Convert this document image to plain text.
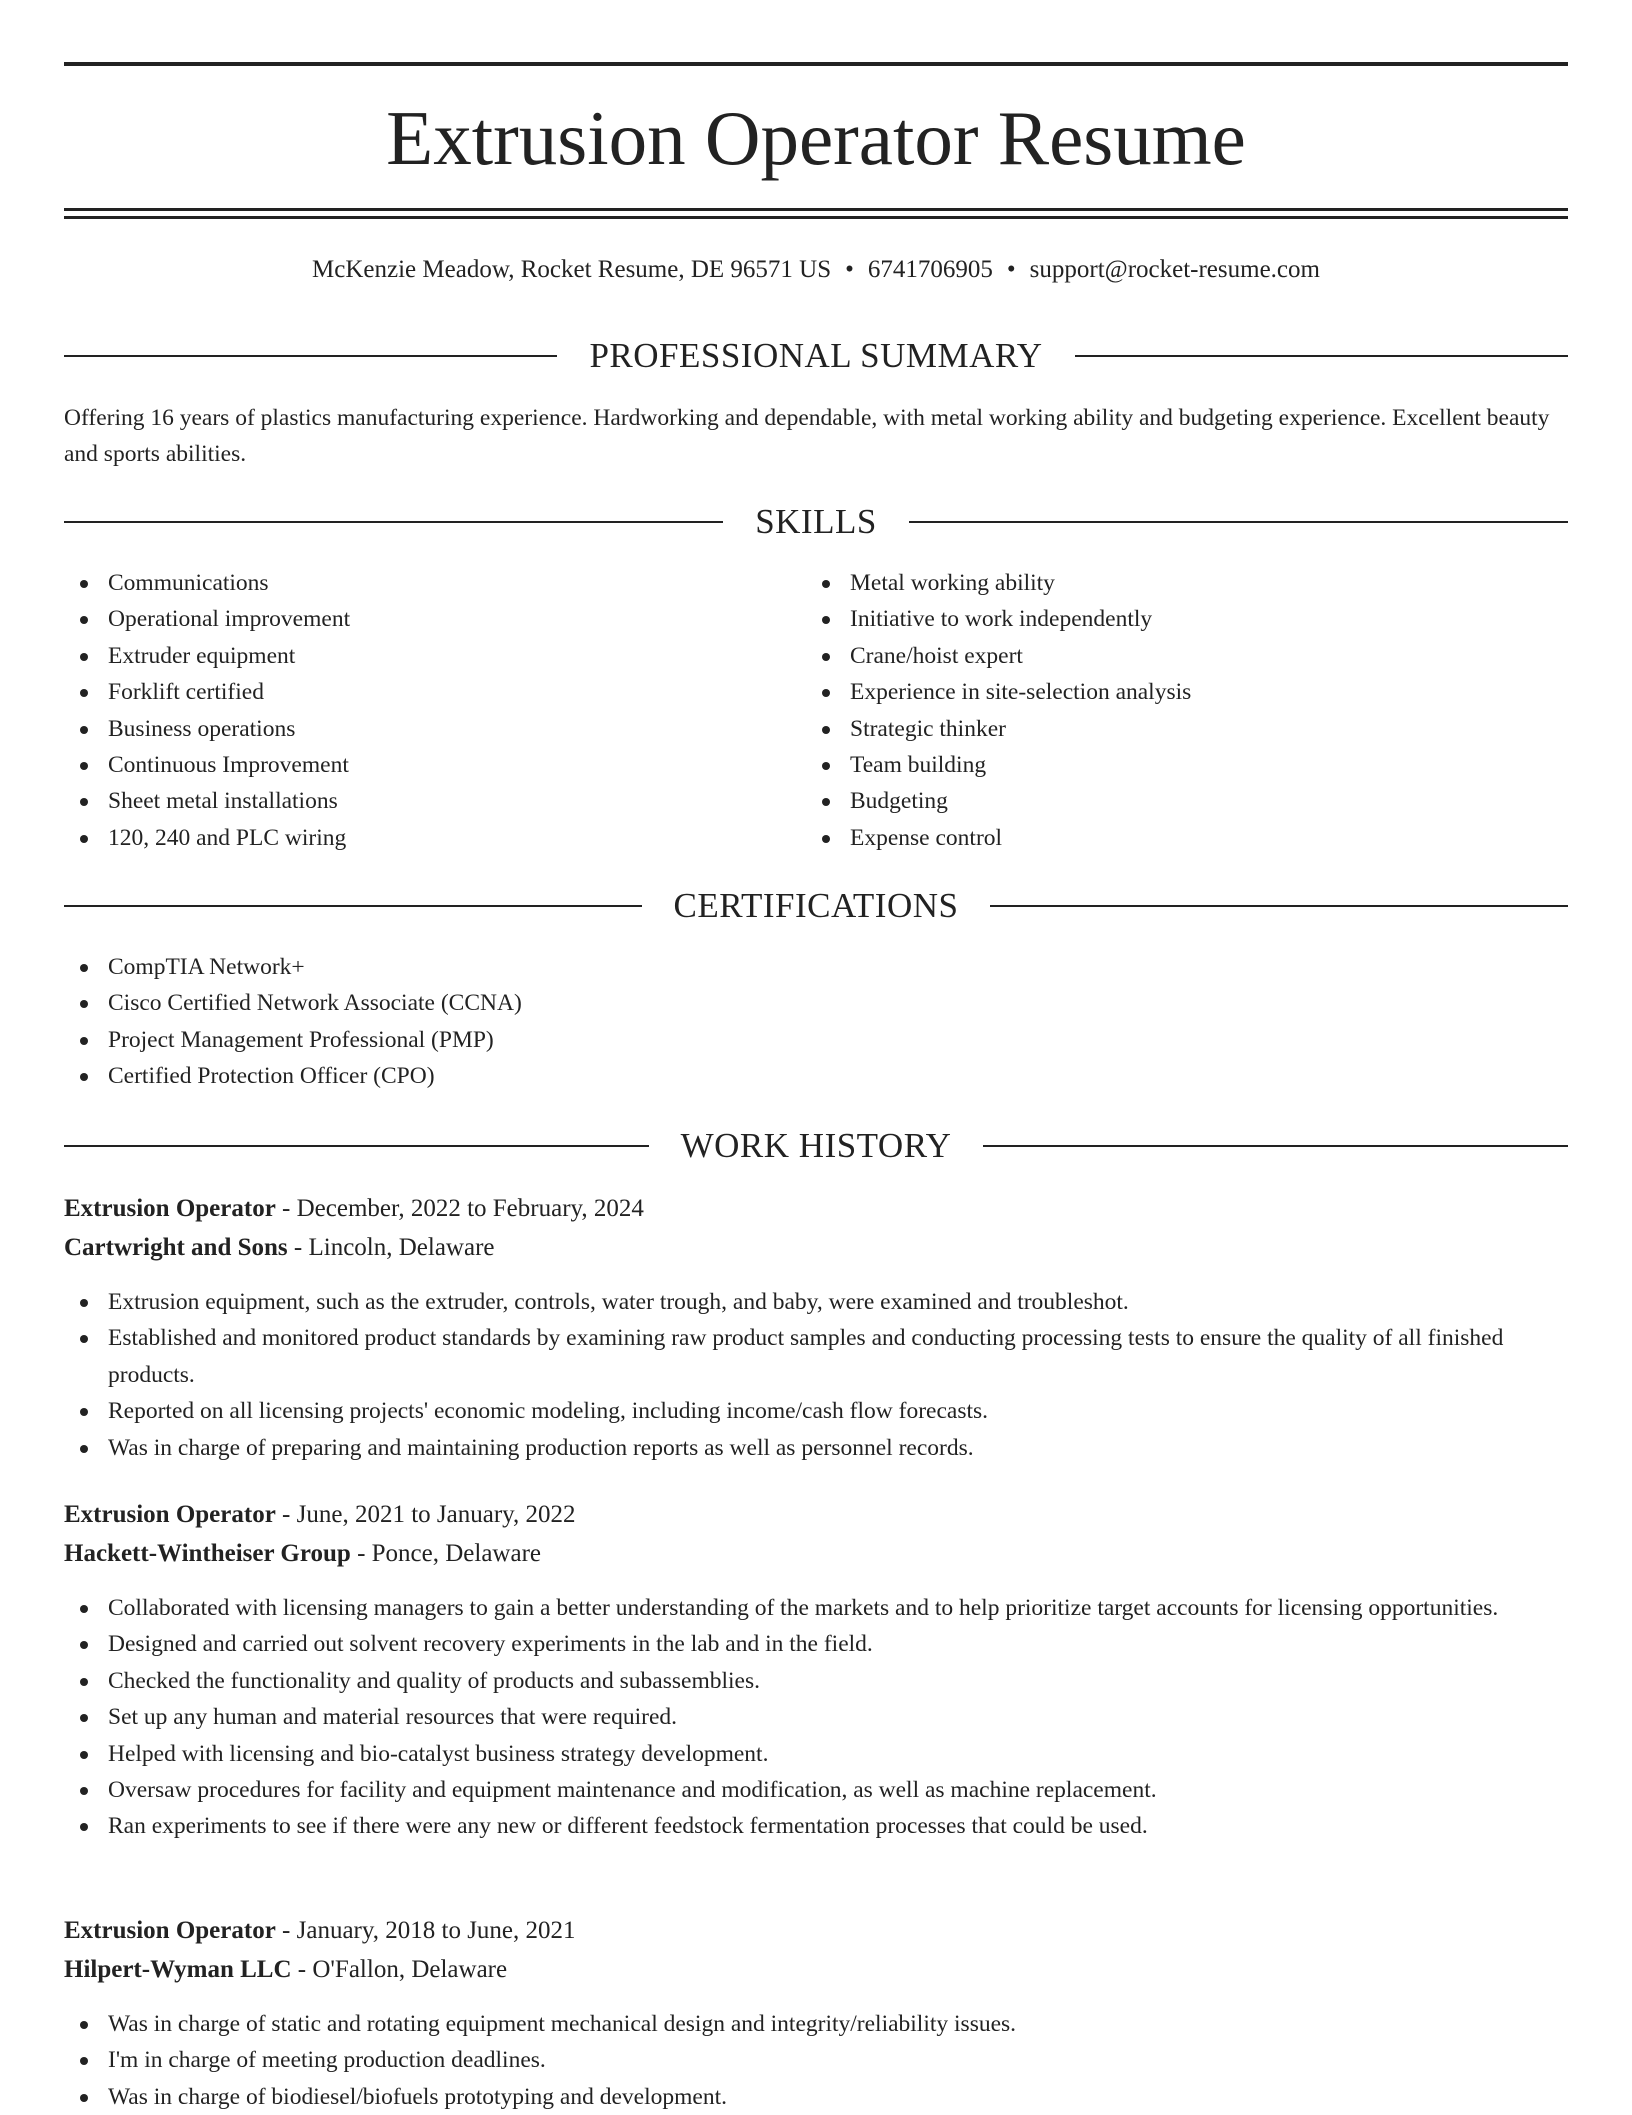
Extrusion Operator Resume
McKenzie Meadow, Rocket Resume, DE 96571 US • 6741706905 • support@rocket-resume.com
PROFESSIONAL SUMMARY

Offering 16 years of plastics manufacturing experience. Hardworking and dependable, with metal working ability and budgeting experience. Excellent beauty and sports abilities.

SKILLS
Communications
Operational improvement
Extruder equipment
Forklift certified
Business operations
Continuous Improvement
Sheet metal installations
120, 240 and PLC wiring
Metal working ability
Initiative to work independently
Crane/hoist expert
Experience in site-selection analysis
Strategic thinker
Team building
Budgeting
Expense control
CERTIFICATIONS
CompTIA Network+
Cisco Certified Network Associate (CCNA)
Project Management Professional (PMP)
Certified Protection Officer (CPO)
WORK HISTORY
Extrusion Operator - December, 2022 to February, 2024
Cartwright and Sons - Lincoln, Delaware
Extrusion equipment, such as the extruder, controls, water trough, and baby, were examined and troubleshot.
Established and monitored product standards by examining raw product samples and conducting processing tests to ensure the quality of all finished products.
Reported on all licensing projects' economic modeling, including income/cash flow forecasts.
Was in charge of preparing and maintaining production reports as well as personnel records.
Extrusion Operator - June, 2021 to January, 2022
Hackett-Wintheiser Group - Ponce, Delaware
Collaborated with licensing managers to gain a better understanding of the markets and to help prioritize target accounts for licensing opportunities.
Designed and carried out solvent recovery experiments in the lab and in the field.
Checked the functionality and quality of products and subassemblies.
Set up any human and material resources that were required.
Helped with licensing and bio-catalyst business strategy development.
Oversaw procedures for facility and equipment maintenance and modification, as well as machine replacement.
Ran experiments to see if there were any new or different feedstock fermentation processes that could be used.
Extrusion Operator - January, 2018 to June, 2021
Hilpert-Wyman LLC - O'Fallon, Delaware
Was in charge of static and rotating equipment mechanical design and integrity/reliability issues.
I'm in charge of meeting production deadlines.
Was in charge of biodiesel/biofuels prototyping and development.
